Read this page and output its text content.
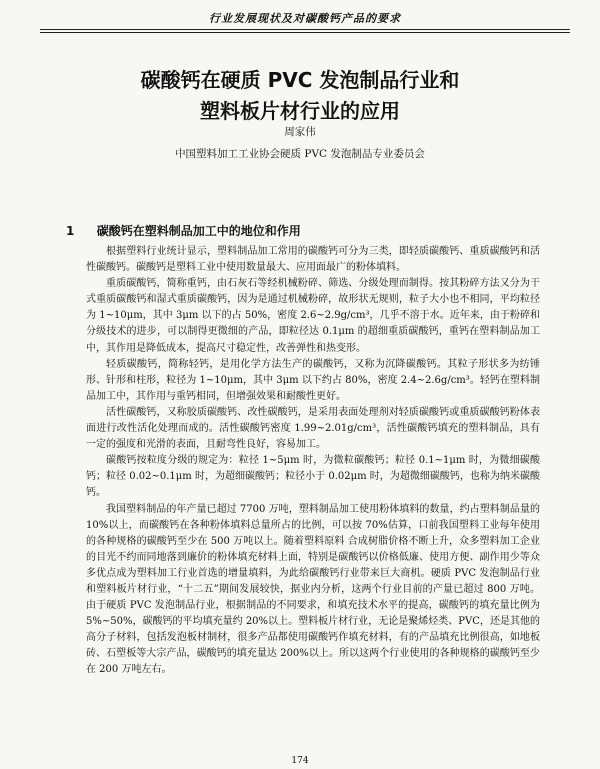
行业发展现状及对碳酸钙产品的要求
碳酸钙在硬质 PVC 发泡制品行业和
塑料板片材行业的应用
周家伟
中国塑料加工工业协会硬质 PVC 发泡制品专业委员会
1 碳酸钙在塑料制品加工中的地位和作用

根据塑料行业统计显示，塑料制品加工常用的碳酸钙可分为三类，即轻质碳酸钙、重质碳酸钙和活性碳酸钙。碳酸钙是塑料工业中使用数量最大、应用面最广的粉体填料。

重质碳酸钙，简称重钙，由石灰石等经机械粉碎、筛选、分级处理而制得。按其粉碎方法又分为干式重质碳酸钙和湿式重质碳酸钙，因为是通过机械粉碎，故形状无规则，粒子大小也不相同，平均粒径为 1~10μm，其中 3μm 以下的占 50%，密度 2.6~2.9g/cm³，几乎不溶于水。近年来，由于粉碎和分级技术的进步，可以制得更微细的产品，即粒径达 0.1μm 的超细重质碳酸钙，重钙在塑料制品加工中，其作用是降低成本，提高尺寸稳定性，改善弹性和热变形。

轻质碳酸钙，简称轻钙，是用化学方法生产的碳酸钙，又称为沉降碳酸钙。其粒子形状多为纺锤形、针形和柱形，粒径为 1~10μm，其中 3μm 以下约占 80%，密度 2.4~2.6g/cm³。轻钙在塑料制品加工中，其作用与重钙相同，但增强效果和耐酸性更好。

活性碳酸钙，又称胶质碳酸钙、改性碳酸钙，是采用表面处理剂对轻质碳酸钙或重质碳酸钙粉体表面进行改性活化处理而成的。活性碳酸钙密度 1.99~2.01g/cm³，活性碳酸钙填充的塑料制品，具有一定的强度和光滑的表面，且耐弯性良好，容易加工。

碳酸钙按粒度分级的规定为：粒径 1~5μm 时，为微粒碳酸钙；粒径 0.1~1μm 时，为微细碳酸钙；粒径 0.02~0.1μm 时，为超细碳酸钙；粒径小于 0.02μm 时，为超微细碳酸钙，也称为纳米碳酸钙。

我国塑料制品的年产量已超过 7700 万吨，塑料制品加工使用粉体填料的数量，约占塑料制品量的 10%以上，而碳酸钙在各种粉体填料总量所占的比例，可以按 70%估算，口前我国塑料工业每年使用的各种规格的碳酸钙至少在 500 万吨以上。随着塑料原料 合成树脂价格不断上升，众多塑料加工企业的目光不约而同地落到廉价的粉体填充材料上面，特别是碳酸钙以价格低廉、使用方便、副作用少等众多优点成为塑料加工行业首选的增量填料，为此给碳酸钙行业带来巨大商机。硬质 PVC 发泡制品行业和塑料板片材行业，“十二五”期间发展较快，据业内分析，这两个行业目前的产量已超过 800 万吨。由于硬质 PVC 发泡制品行业，根据制品的不同要求，和填充技术水平的提高，碳酸钙的填充量比例为 5%~50%，碳酸钙的平均填充量约 20%以上。塑料板片材行业，无论是聚烯烃类、PVC，还是其他的高分子材料，包括发泡板材制材，很多产品都使用碳酸钙作填充材料，有的产品填充比例很高，如地板砖、石塑板等大宗产品，碳酸钙的填充量达 200%以上。所以这两个行业使用的各种规格的碳酸钙至少在 200 万吨左右。

174
